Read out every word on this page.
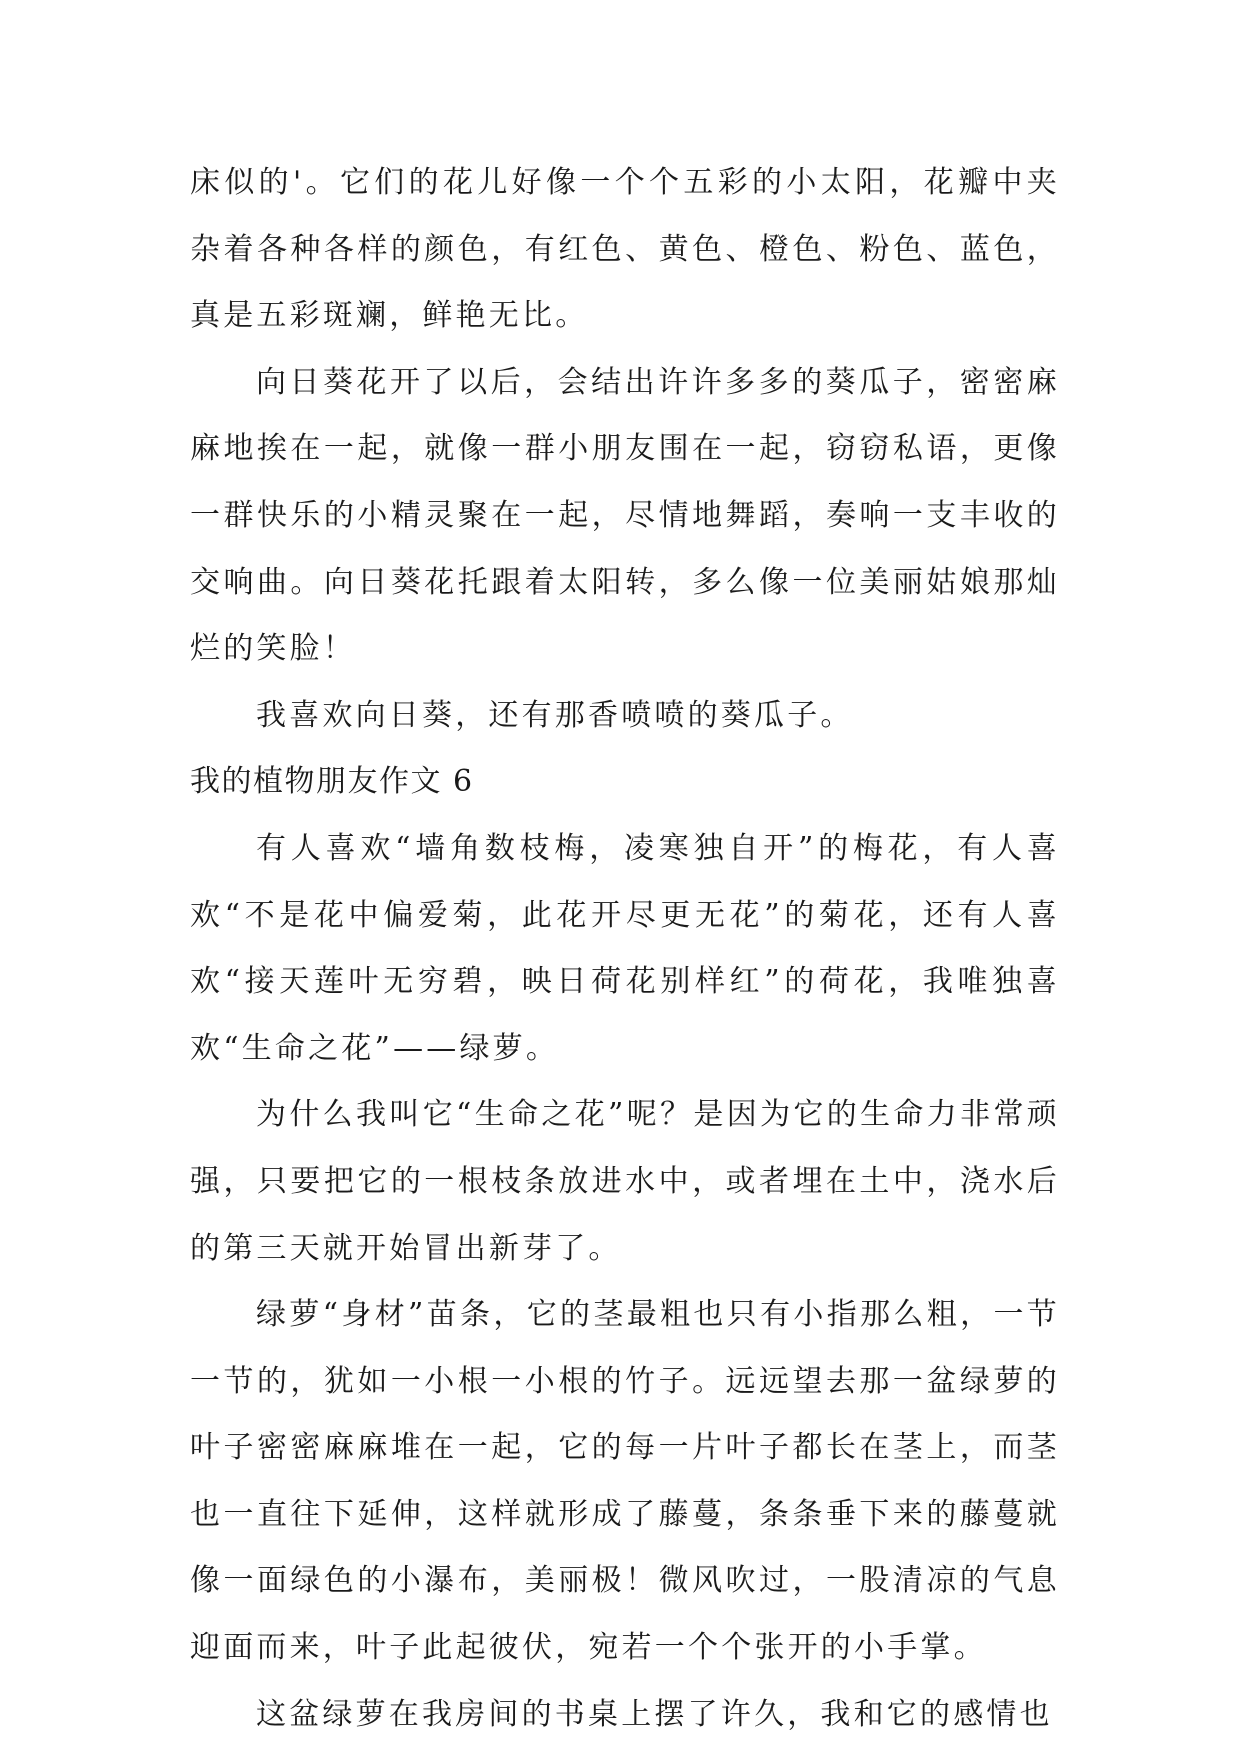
床似的'。它们的花儿好像一个个五彩的小太阳，花瓣中夹杂着各种各样的颜色，有红色、黄色、橙色、粉色、蓝色，真是五彩斑斓，鲜艳无比。

向日葵花开了以后，会结出许许多多的葵瓜子，密密麻麻地挨在一起，就像一群小朋友围在一起，窃窃私语，更像一群快乐的小精灵聚在一起，尽情地舞蹈，奏响一支丰收的交响曲。向日葵花托跟着太阳转，多么像一位美丽姑娘那灿烂的笑脸！

我喜欢向日葵，还有那香喷喷的葵瓜子。

我的植物朋友作文 6

有人喜欢“墙角数枝梅，凌寒独自开”的梅花，有人喜欢“不是花中偏爱菊，此花开尽更无花”的菊花，还有人喜欢“接天莲叶无穷碧，映日荷花别样红”的荷花，我唯独喜欢“生命之花”——绿萝。

为什么我叫它“生命之花”呢？是因为它的生命力非常顽强，只要把它的一根枝条放进水中，或者埋在土中，浇水后的第三天就开始冒出新芽了。

绿萝“身材”苗条，它的茎最粗也只有小指那么粗，一节一节的，犹如一小根一小根的竹子。远远望去那一盆绿萝的叶子密密麻麻堆在一起，它的每一片叶子都长在茎上，而茎也一直往下延伸，这样就形成了藤蔓，条条垂下来的藤蔓就像一面绿色的小瀑布，美丽极！微风吹过，一股清凉的气息迎面而来，叶子此起彼伏，宛若一个个张开的小手掌。

这盆绿萝在我房间的书桌上摆了许久，我和它的感情也
